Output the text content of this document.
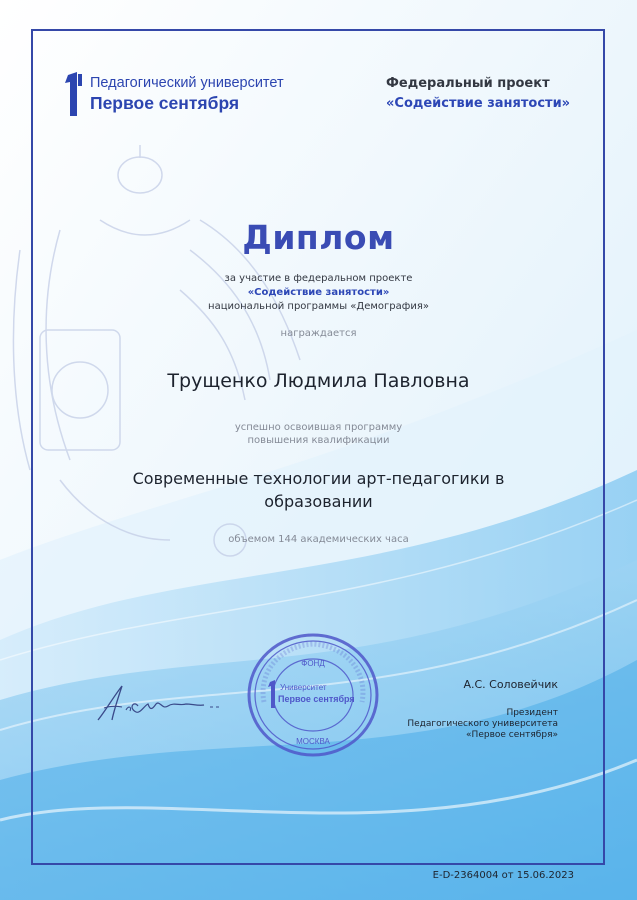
Педагогический университет
Первое сентября
Федеральный проект
«Содействие занятости»
Диплом
за участие в федеральном проекте
«Содействие занятости»
национальной программы «Демография»
награждается
Трущенко Людмила Павловна
успешно освоившая программу
повышения квалификации
Современные технологии арт-педагогики в
образовании
объемом 144 академических часа
ФОНД
Университет
Первое сентября
МОСКВА
А.С. Соловейчик
Президент
Педагогического университета
«Первое сентября»
E-D-2364004 от 15.06.2023
